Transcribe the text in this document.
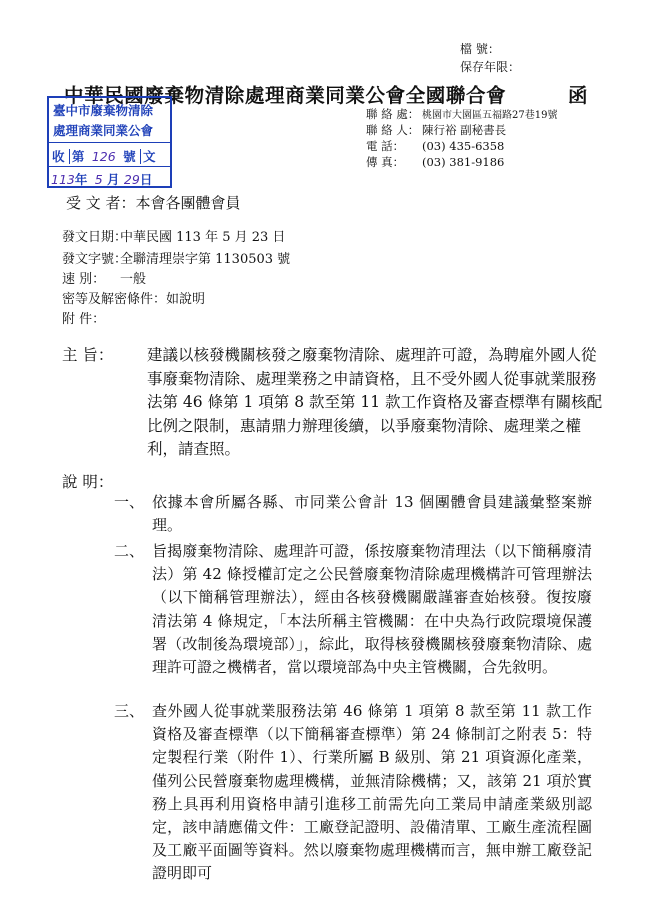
檔 號：
保存年限：
中華民國廢棄物清除處理商業同業公會全國聯合會	函
聯 絡 處： 桃園市大園區五福路27巷19號
聯 絡 人： 陳行裕 副秘書長
電 話： (03) 435-6358
傳 真： (03) 381-9186
臺中市廢棄物清除
處理商業同業公會
收 第 126 號 文
113年 5 月 29日
受 文 者：本會各團體會員
發文日期：中華民國 113 年 5 月 23 日
發文字號：全聯清理崇字第 1130503 號
速 別： 一般
密等及解密條件：如說明
附 件：
主 旨：	建議以核發機關核發之廢棄物清除、處理許可證，為聘雇外國人從事廢棄物清除、處理業務之申請資格，且不受外國人從事就業服務法第 46 條第 1 項第 8 款至第 11 款工作資格及審查標準有關核配比例之限制，惠請鼎力辦理後續，以爭廢棄物清除、處理業之權利，請查照。
說 明：
一、 依據本會所屬各縣、市同業公會計 13 個團體會員建議彙整案辦理。
二、 旨揭廢棄物清除、處理許可證，係按廢棄物清理法（以下簡稱廢清法）第 42 條授權訂定之公民營廢棄物清除處理機構許可管理辦法（以下簡稱管理辦法），經由各核發機關嚴謹審查始核發。復按廢清法第 4 條規定，「本法所稱主管機關：在中央為行政院環境保護署（改制後為環境部）」，綜此，取得核發機關核發廢棄物清除、處理許可證之機構者，當以環境部為中央主管機關，合先敘明。
三、 查外國人從事就業服務法第 46 條第 1 項第 8 款至第 11 款工作資格及審查標準（以下簡稱審查標準）第 24 條制訂之附表 5：特定製程行業（附件 1）、行業所屬 B 級別、第 21 項資源化產業，僅列公民營廢棄物處理機構，並無清除機構；又，該第 21 項於實務上具再利用資格申請引進移工前需先向工業局申請產業級別認定，該申請應備文件：工廠登記證明、設備清單、工廠生產流程圖及工廠平面圖等資料。然以廢棄物處理機構而言，無申辦工廠登記證明即可
